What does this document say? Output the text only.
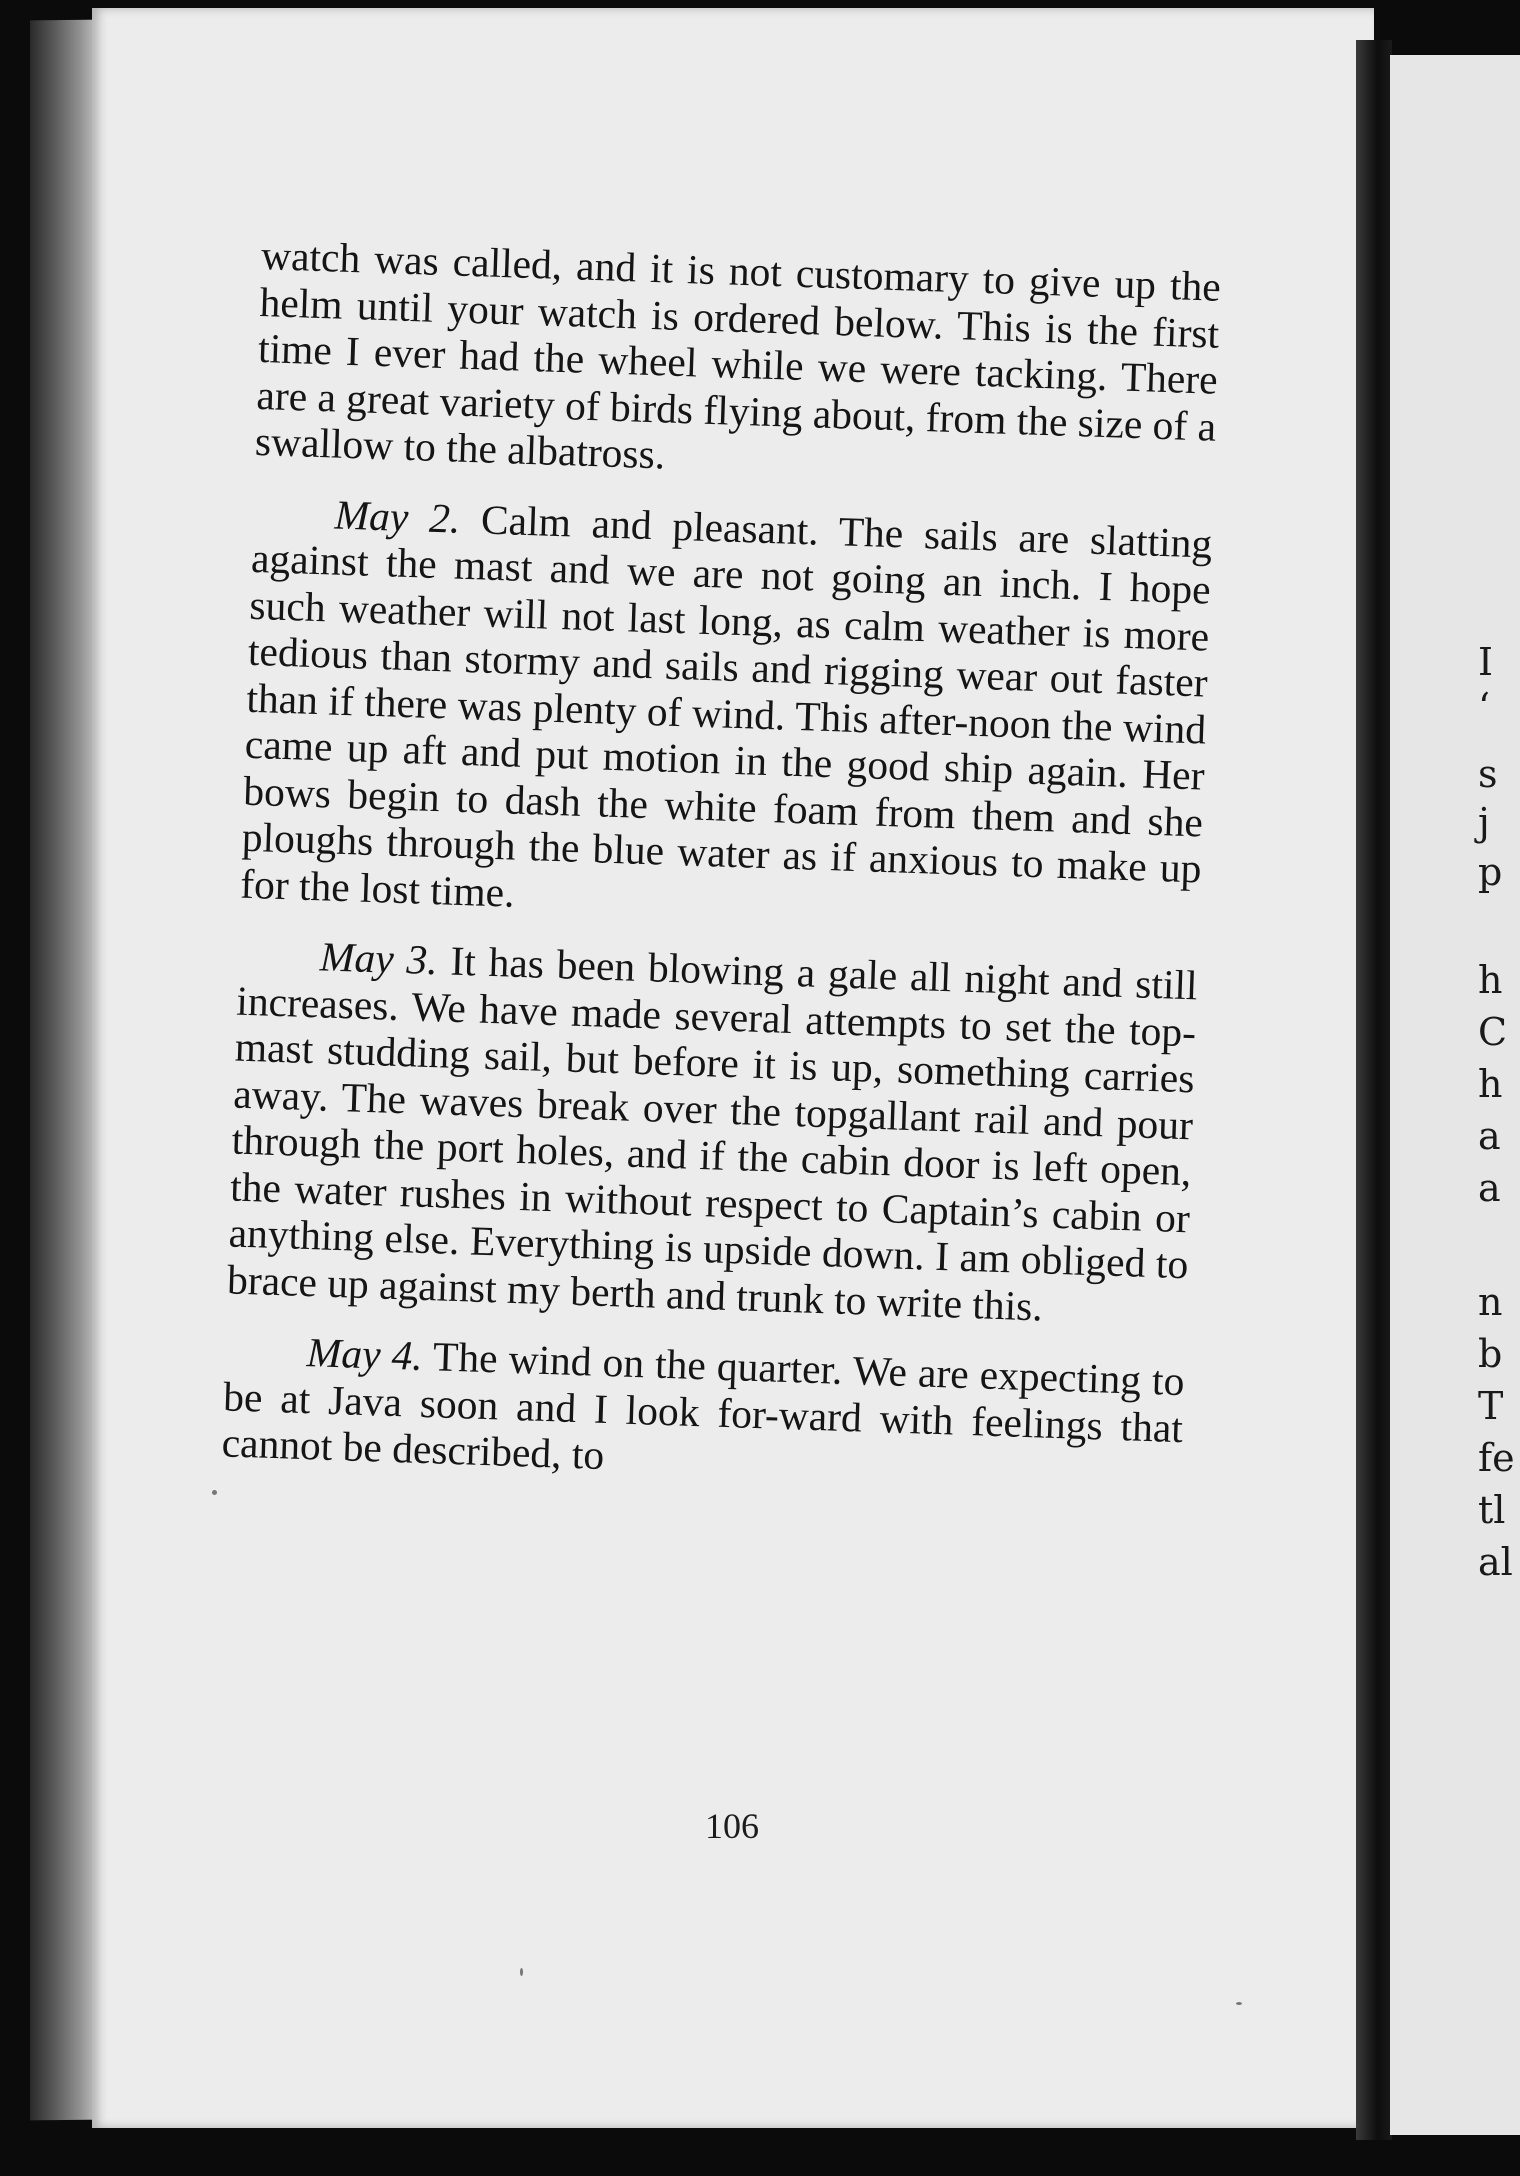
watch was called, and it is not customary to give up the helm until your watch is ordered below. This is the first time I ever had the wheel while we were tacking. There are a great variety of birds flying about, from the size of a swallow to the albatross.

May 2. Calm and pleasant. The sails are slatting against the mast and we are not going an inch. I hope such weather will not last long, as calm weather is more tedious than stormy and sails and rigging wear out faster than if there was plenty of wind. This after-noon the wind came up aft and put motion in the good ship again. Her bows begin to dash the white foam from them and she ploughs through the blue water as if anxious to make up for the lost time.

May 3. It has been blowing a gale all night and still increases. We have made several attempts to set the top-mast studding sail, but before it is up, something carries away. The waves break over the topgallant rail and pour through the port holes, and if the cabin door is left open, the water rushes in without respect to Captain’s cabin or anything else. Everything is upside down. I am obliged to brace up against my berth and trunk to write this.

May 4. The wind on the quarter. We are expecting to be at Java soon and I look for-ward with feelings that cannot be described, to

106
I
‘
s
j
p
h
C
h
a
a
n
b
T
fe
tl
al
